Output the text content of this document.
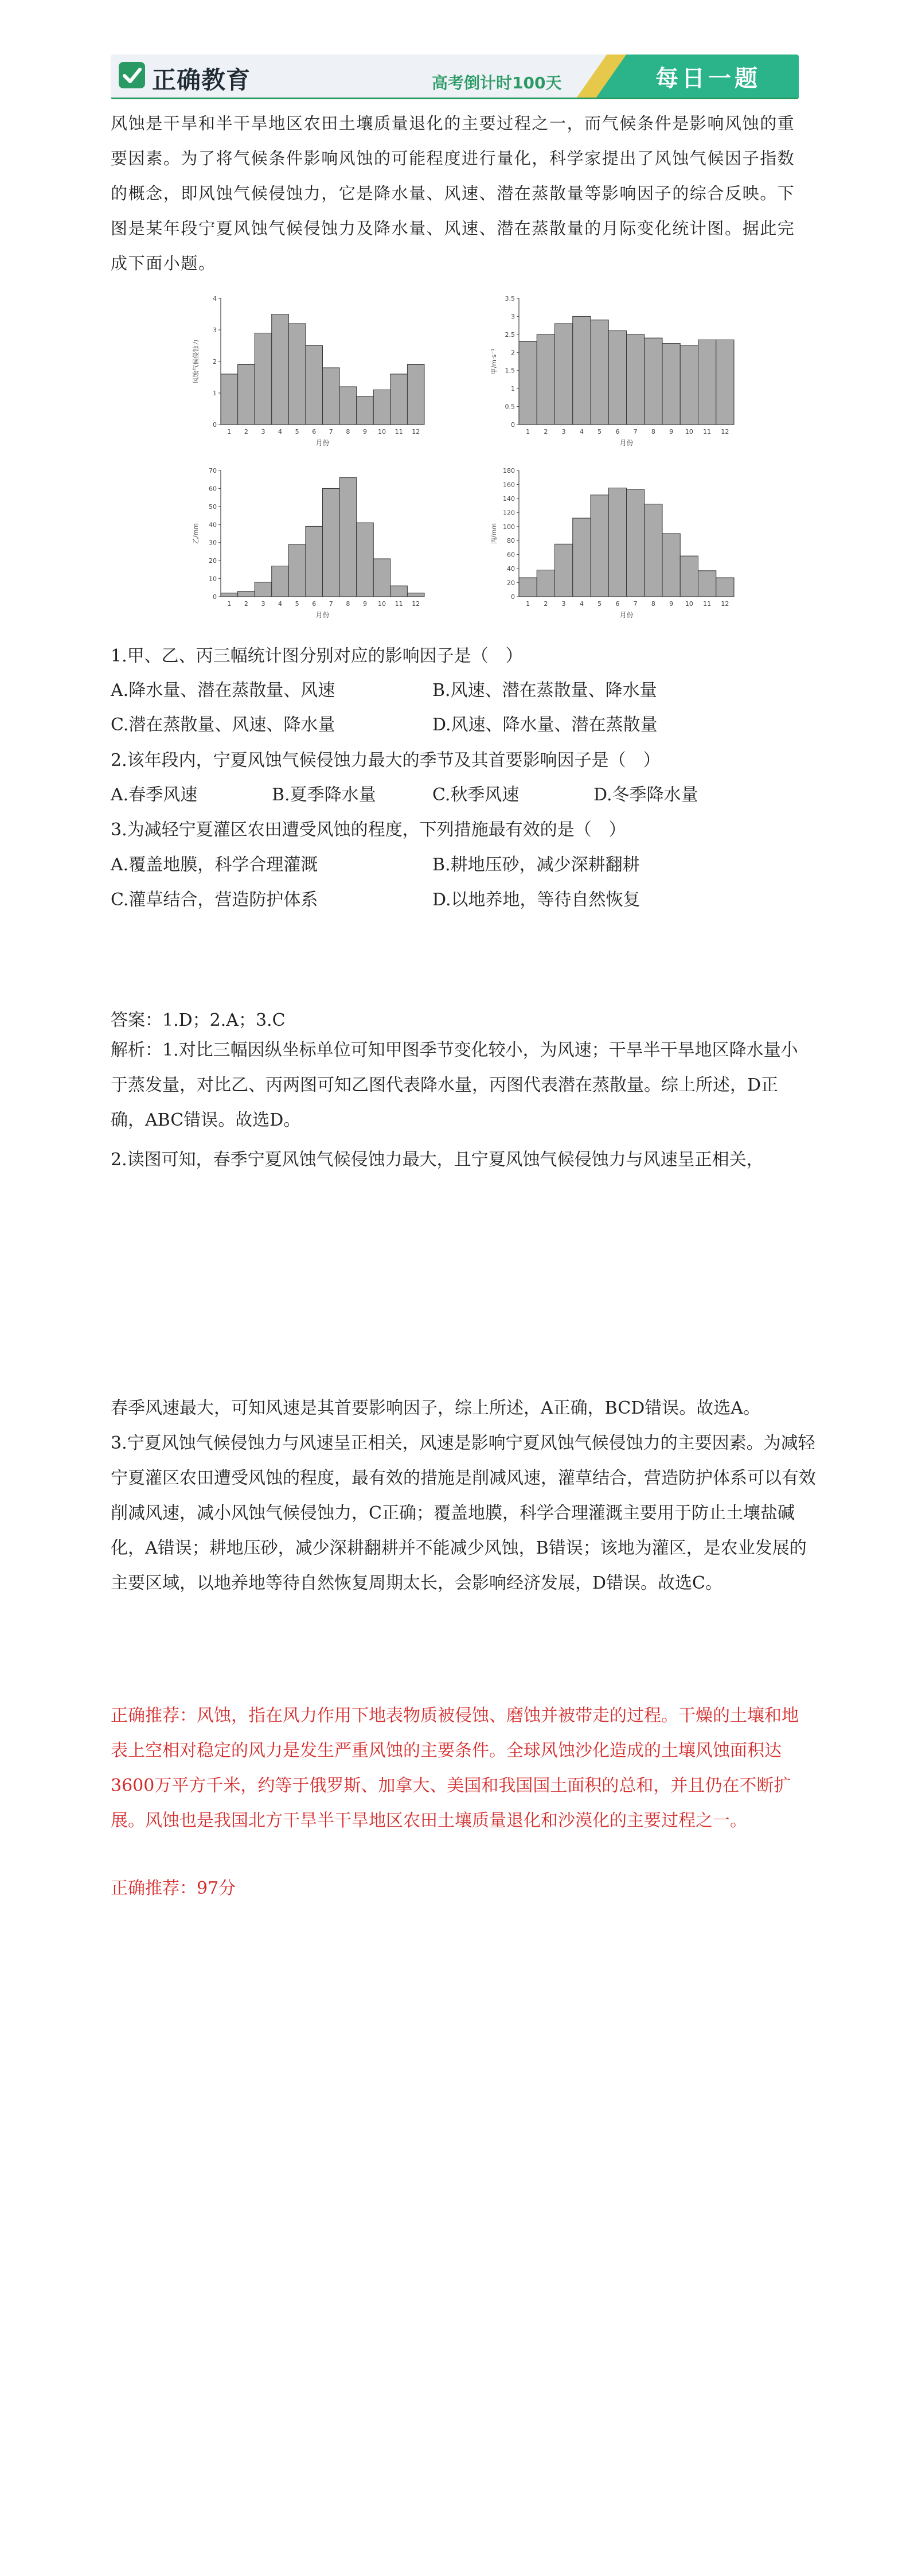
正确教育	高考倒计时100天	每日一题
风蚀是干旱和半干旱地区农田土壤质量退化的主要过程之一，而气候条件是影响风蚀的重要因素。为了将气候条件影响风蚀的可能程度进行量化，科学家提出了风蚀气候因子指数的概念，即风蚀气候侵蚀力，它是降水量、风速、潜在蒸散量等影响因子的综合反映。下图是某年段宁夏风蚀气候侵蚀力及降水量、风速、潜在蒸散量的月际变化统计图。据此完成下面小题。
0
1
2
3
4
1 2 3 4 5 6 7 8 9 10 11 12
月份
风蚀气候侵蚀力
0
0.5
1
1.5
2
2.5
3
3.5
1 2 3 4 5 6 7 8 9 10 11 12
月份
甲/m·s⁻¹
0
10
20
30
40
50
60
70
1 2 3 4 5 6 7 8 9 10 11 12
月份
乙/mm
0
20
40
60
80
100
120
140
160
180
1 2 3 4 5 6 7 8 9 10 11 12
月份
丙/mm
1.甲、乙、丙三幅统计图分别对应的影响因子是（　）
A.降水量、潜在蒸散量、风速	B.风速、潜在蒸散量、降水量
C.潜在蒸散量、风速、降水量	D.风速、降水量、潜在蒸散量
2.该年段内，宁夏风蚀气候侵蚀力最大的季节及其首要影响因子是（　）
A.春季风速	B.夏季降水量	C.秋季风速	D.冬季降水量
3.为减轻宁夏灌区农田遭受风蚀的程度，下列措施最有效的是（　）
A.覆盖地膜，科学合理灌溉	B.耕地压砂，减少深耕翻耕
C.灌草结合，营造防护体系	D.以地养地，等待自然恢复
答案：1.D；2.A；3.C
解析：1.对比三幅因纵坐标单位可知甲图季节变化较小，为风速；干旱半干旱地区降水量小于蒸发量，对比乙、丙两图可知乙图代表降水量，丙图代表潜在蒸散量。综上所述，D正确，ABC错误。故选D。
2.读图可知，春季宁夏风蚀气候侵蚀力最大，且宁夏风蚀气候侵蚀力与风速呈正相关，
春季风速最大，可知风速是其首要影响因子，综上所述，A正确，BCD错误。故选A。
3.宁夏风蚀气候侵蚀力与风速呈正相关，风速是影响宁夏风蚀气候侵蚀力的主要因素。为减轻宁夏灌区农田遭受风蚀的程度，最有效的措施是削减风速，灌草结合，营造防护体系可以有效削减风速，减小风蚀气候侵蚀力，C正确；覆盖地膜，科学合理灌溉主要用于防止土壤盐碱化，A错误；耕地压砂，减少深耕翻耕并不能减少风蚀，B错误；该地为灌区，是农业发展的主要区域，以地养地等待自然恢复周期太长，会影响经济发展，D错误。故选C。
正确推荐：风蚀，指在风力作用下地表物质被侵蚀、磨蚀并被带走的过程。干燥的土壤和地表上空相对稳定的风力是发生严重风蚀的主要条件。全球风蚀沙化造成的土壤风蚀面积达3600万平方千米，约等于俄罗斯、加拿大、美国和我国国土面积的总和，并且仍在不断扩展。风蚀也是我国北方干旱半干旱地区农田土壤质量退化和沙漠化的主要过程之一。
正确推荐：97分
